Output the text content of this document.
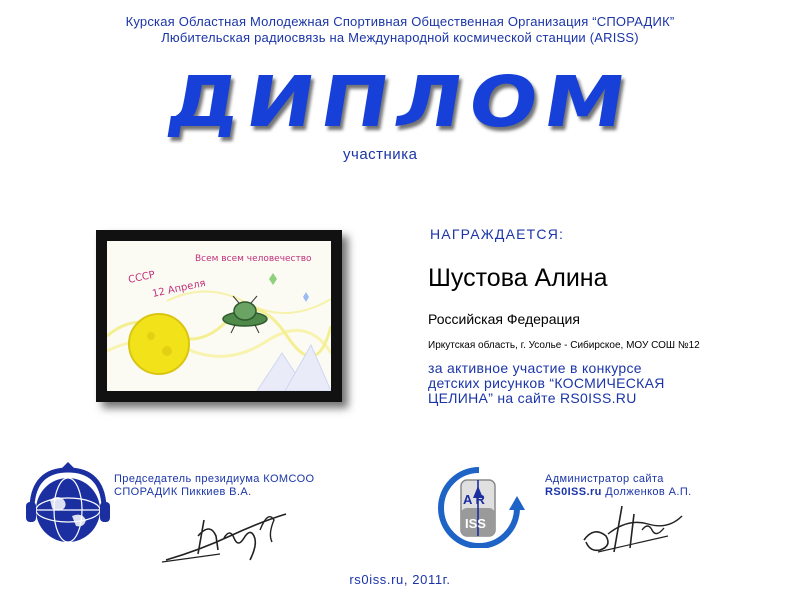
Курская Областная Молодежная Спортивная Общественная Организация “СПОРАДИК”
Любительская радиосвязь на Международной космической станции (ARISS)
ДИПЛОМ
участника
Всем всем человечество
СССР
12 Апреля
НАГРАЖДАЕТСЯ:
Шустова Алина
Российская Федерация
Иркутская область, г. Усолье - Сибирское, МОУ СОШ №12
за активное участие в конкурсе
детских рисунков “КОСМИЧЕСКАЯ
ЦЕЛИНА” на сайте RS0ISS.RU
Председатель президиума КОМСОО
СПОРАДИК Пиккиев В.А.	A R
ISS
Администратор сайта
RS0ISS.ru Долженков А.П.
rs0iss.ru, 2011г.
